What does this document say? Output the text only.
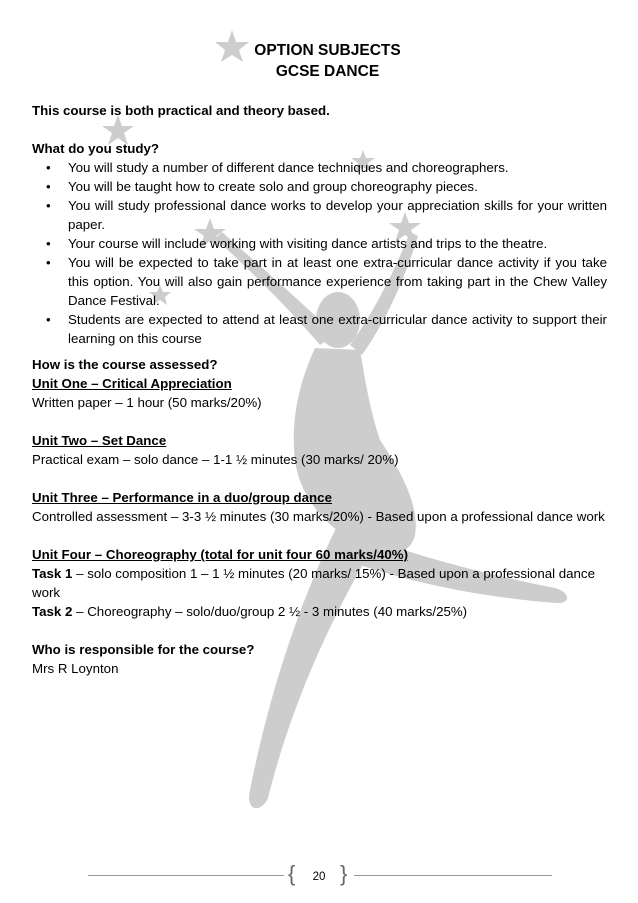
OPTION SUBJECTS
GCSE DANCE

This course is both practical and theory based.

What do you study?

• You will study a number of different dance techniques and choreographers.
• You will be taught how to create solo and group choreography pieces.
• You will study professional dance works to develop your appreciation skills for your written paper.
• Your course will include working with visiting dance artists and trips to the theatre.
• You will be expected to take part in at least one extra-curricular dance activity if you take this option. You will also gain performance experience from taking part in the Chew Valley Dance Festival.
• Students are expected to attend at least one extra-curricular dance activity to support their learning on this course

How is the course assessed?

Unit One – Critical Appreciation

Written paper – 1 hour (50 marks/20%)

Unit Two – Set Dance

Practical exam – solo dance – 1-1 ½ minutes (30 marks/ 20%)

Unit Three – Performance in a duo/group dance

Controlled assessment – 3-3 ½ minutes (30 marks/20%) - Based upon a professional dance work

Unit Four – Choreography (total for unit four 60 marks/40%)

Task 1 – solo composition 1 – 1 ½ minutes (20 marks/ 15%) - Based upon a professional dance work

Task 2 – Choreography – solo/duo/group 2 ½ - 3 minutes (40 marks/25%)

Who is responsible for the course?

Mrs R Loynton

{	20 }
